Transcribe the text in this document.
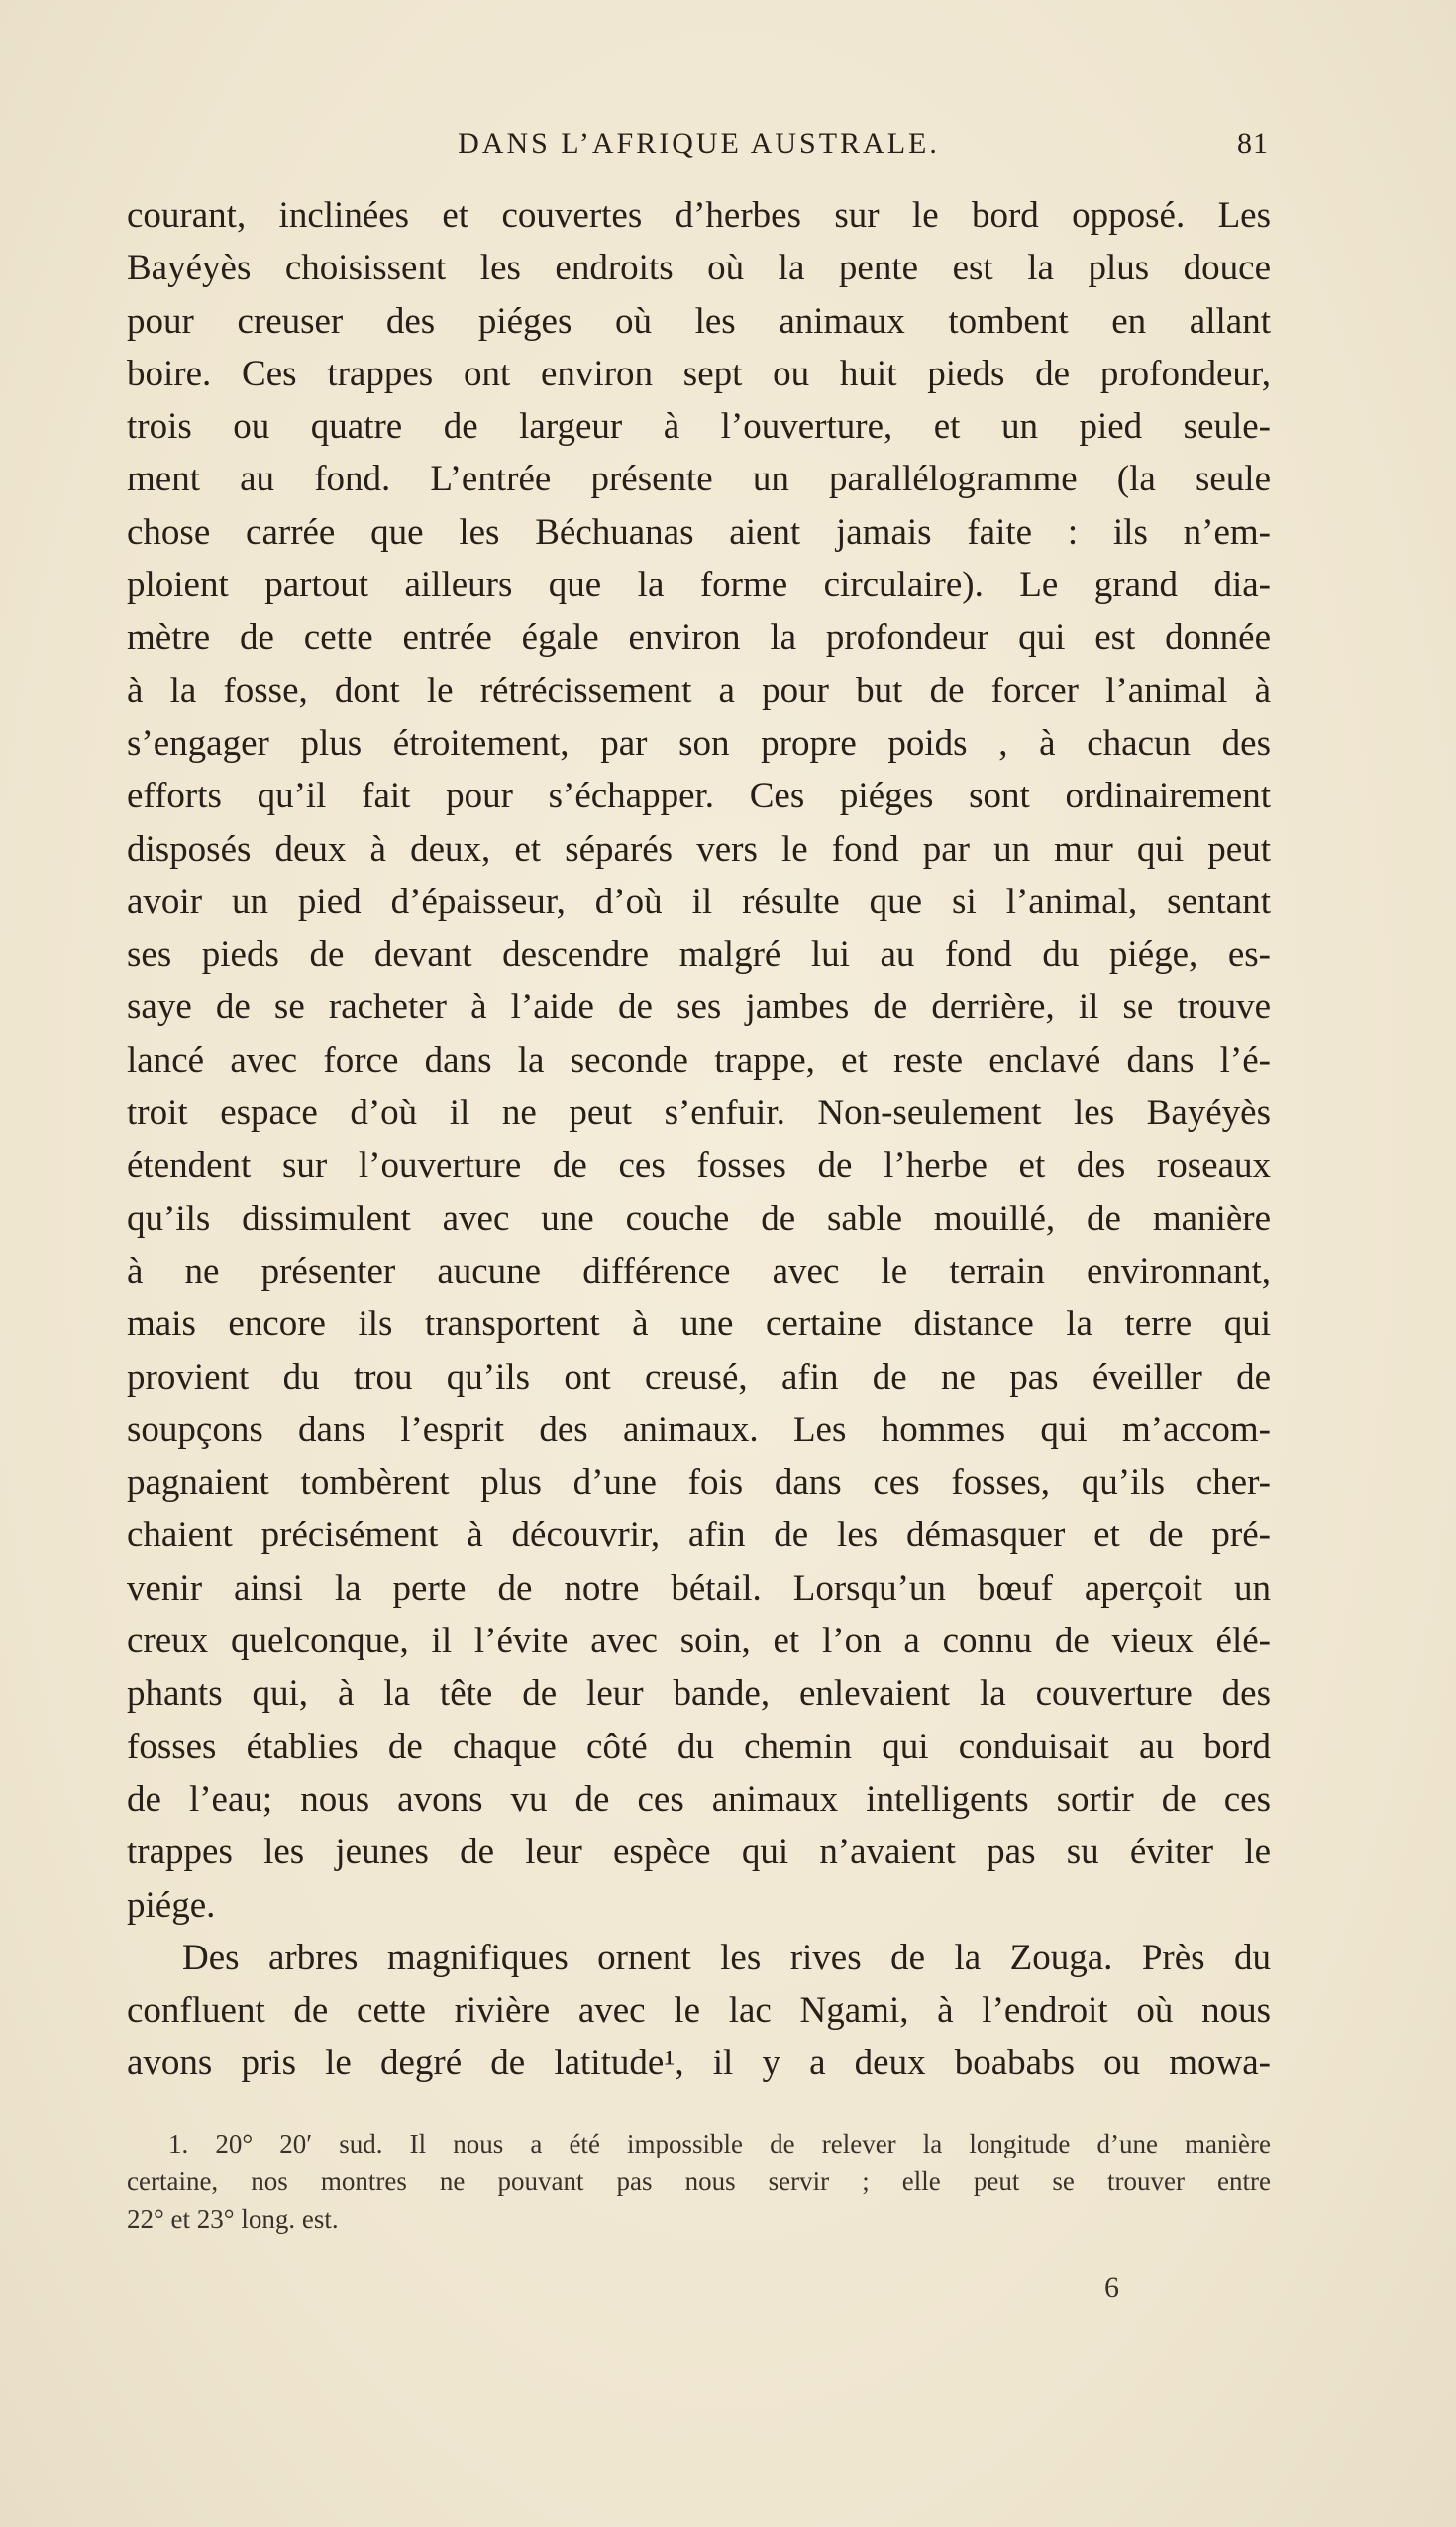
DANS L’AFRIQUE AUSTRALE.	81
courant, inclinées et couvertes d’herbes sur le bord opposé. Les
Bayéyès choisissent les endroits où la pente est la plus douce
pour creuser des piéges où les animaux tombent en allant
boire. Ces trappes ont environ sept ou huit pieds de profondeur,
trois ou quatre de largeur à l’ouverture, et un pied seule-
ment au fond. L’entrée présente un parallélogramme (la seule
chose carrée que les Béchuanas aient jamais faite : ils n’em-
ploient partout ailleurs que la forme circulaire). Le grand dia-
mètre de cette entrée égale environ la profondeur qui est donnée
à la fosse, dont le rétrécissement a pour but de forcer l’animal à
s’engager plus étroitement, par son propre poids , à chacun des
efforts qu’il fait pour s’échapper. Ces piéges sont ordinairement
disposés deux à deux, et séparés vers le fond par un mur qui peut
avoir un pied d’épaisseur, d’où il résulte que si l’animal, sentant
ses pieds de devant descendre malgré lui au fond du piége, es-
saye de se racheter à l’aide de ses jambes de derrière, il se trouve
lancé avec force dans la seconde trappe, et reste enclavé dans l’é-
troit espace d’où il ne peut s’enfuir. Non-seulement les Bayéyès
étendent sur l’ouverture de ces fosses de l’herbe et des roseaux
qu’ils dissimulent avec une couche de sable mouillé, de manière
à ne présenter aucune différence avec le terrain environnant,
mais encore ils transportent à une certaine distance la terre qui
provient du trou qu’ils ont creusé, afin de ne pas éveiller de
soupçons dans l’esprit des animaux. Les hommes qui m’accom-
pagnaient tombèrent plus d’une fois dans ces fosses, qu’ils cher-
chaient précisément à découvrir, afin de les démasquer et de pré-
venir ainsi la perte de notre bétail. Lorsqu’un bœuf aperçoit un
creux quelconque, il l’évite avec soin, et l’on a connu de vieux élé-
phants qui, à la tête de leur bande, enlevaient la couverture des
fosses établies de chaque côté du chemin qui conduisait au bord
de l’eau; nous avons vu de ces animaux intelligents sortir de ces
trappes les jeunes de leur espèce qui n’avaient pas su éviter le
piége.
Des arbres magnifiques ornent les rives de la Zouga. Près du
confluent de cette rivière avec le lac Ngami, à l’endroit où nous
avons pris le degré de latitude¹, il y a deux boababs ou mowa-
1. 20° 20′ sud. Il nous a été impossible de relever la longitude d’une manière
certaine, nos montres ne pouvant pas nous servir ; elle peut se trouver entre
22° et 23° long. est.
6
